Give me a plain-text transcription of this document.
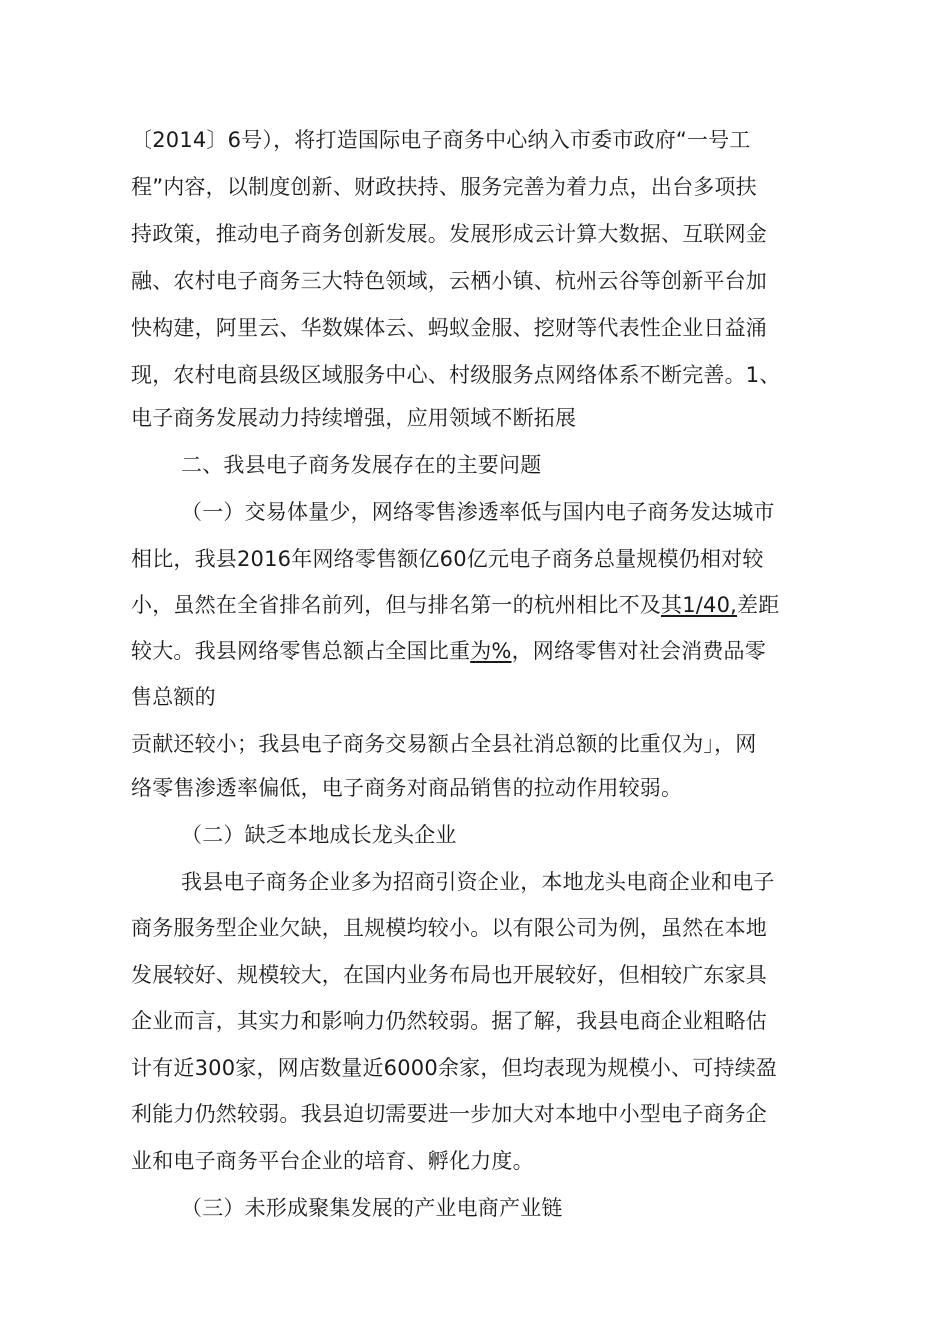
〔2014〕6号），将打造国际电子商务中心纳入市委市政府“一号工
程”内容，以制度创新、财政扶持、服务完善为着力点，出台多项扶
持政策，推动电子商务创新发展。发展形成云计算大数据、互联网金
融、农村电子商务三大特色领域，云栖小镇、杭州云谷等创新平台加
快构建，阿里云、华数媒体云、蚂蚁金服、挖财等代表性企业日益涌
现，农村电商县级区域服务中心、村级服务点网络体系不断完善。1、
电子商务发展动力持续增强，应用领域不断拓展
二、我县电子商务发展存在的主要问题
（一）交易体量少，网络零售渗透率低与国内电子商务发达城市
相比，我县2016年网络零售额亿60亿元电子商务总量规模仍相对较
小，虽然在全省排名前列，但与排名第一的杭州相比不及其1/40,差距
较大。我县网络零售总额占全国比重为%，网络零售对社会消费品零
售总额的
贡献还较小；我县电子商务交易额占全县社消总额的比重仅为」，网
络零售渗透率偏低，电子商务对商品销售的拉动作用较弱。
（二）缺乏本地成长龙头企业
我县电子商务企业多为招商引资企业，本地龙头电商企业和电子
商务服务型企业欠缺，且规模均较小。以有限公司为例，虽然在本地
发展较好、规模较大，在国内业务布局也开展较好，但相较广东家具
企业而言，其实力和影响力仍然较弱。据了解，我县电商企业粗略估
计有近300家，网店数量近6000余家，但均表现为规模小、可持续盈
利能力仍然较弱。我县迫切需要进一步加大对本地中小型电子商务企
业和电子商务平台企业的培育、孵化力度。
（三）未形成聚集发展的产业电商产业链
